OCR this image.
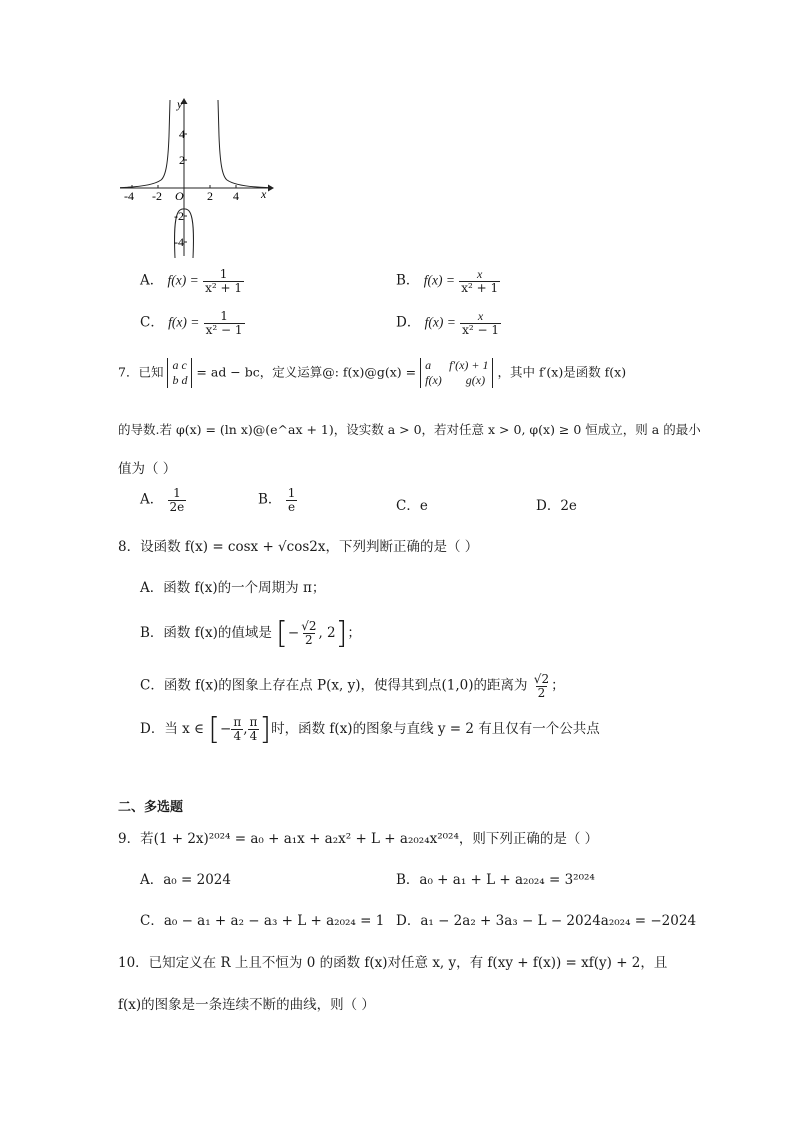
y
x
O
-4 -2	2 4
4
2
-2
-4
A． $f(x) = \frac{1}{\text{x² + 1}}$	B． $f(x) = \frac{x}{\text{x² + 1}}$
C． $f(x) = \frac{1}{\text{x² − 1}}$	D． $f(x) = \frac{x}{\text{x² − 1}}$
7．已知 a c
b d
= ad − bc，定义运算@: f(x)@g(x) = a      f′(x) + 1
f(x)        g(x)
，其中 f′(x)是函数 f(x)
的导数.若 φ(x) = (ln x)@(e^ax + 1)，设实数 a > 0，若对任意 x > 0, φ(x) ≥ 0 恒成立，则 a 的最小
值为（ ）
A． $\frac{1}{2e}$	B． $\frac{1}{e}$	C．e	D．2e
8．设函数 f(x) = cosx + √cos2x，下列判断正确的是（ ）
A．函数 f(x)的一个周期为 π；
B．函数 f(x)的值域是 [− $\frac{√2}{2}$ , 2]；
C．函数 f(x)的图象上存在点 P(x, y)，使得其到点(1,0)的距离为 $\frac{√2}{2}$ ；
D．当 x ∈ [− $\frac{\pi}{4}$ , $\frac{\pi}{4}$ ]时，函数 f(x)的图象与直线 y = 2 有且仅有一个公共点
二、多选题
9．若(1 + 2x)²⁰²⁴ = a₀ + a₁x + a₂x² + L + a₂₀₂₄x²⁰²⁴，则下列正确的是（ ）
A．a₀ = 2024	B．a₀ + a₁ + L + a₂₀₂₄ = 3²⁰²⁴
C．a₀ − a₁ + a₂ − a₃ + L + a₂₀₂₄ = 1 D．a₁ − 2a₂ + 3a₃ − L − 2024a₂₀₂₄ = −2024
10．已知定义在 R 上且不恒为 0 的函数 f(x)对任意 x, y，有 f(xy + f(x)) = xf(y) + 2，且
f(x)的图象是一条连续不断的曲线，则（ ）
